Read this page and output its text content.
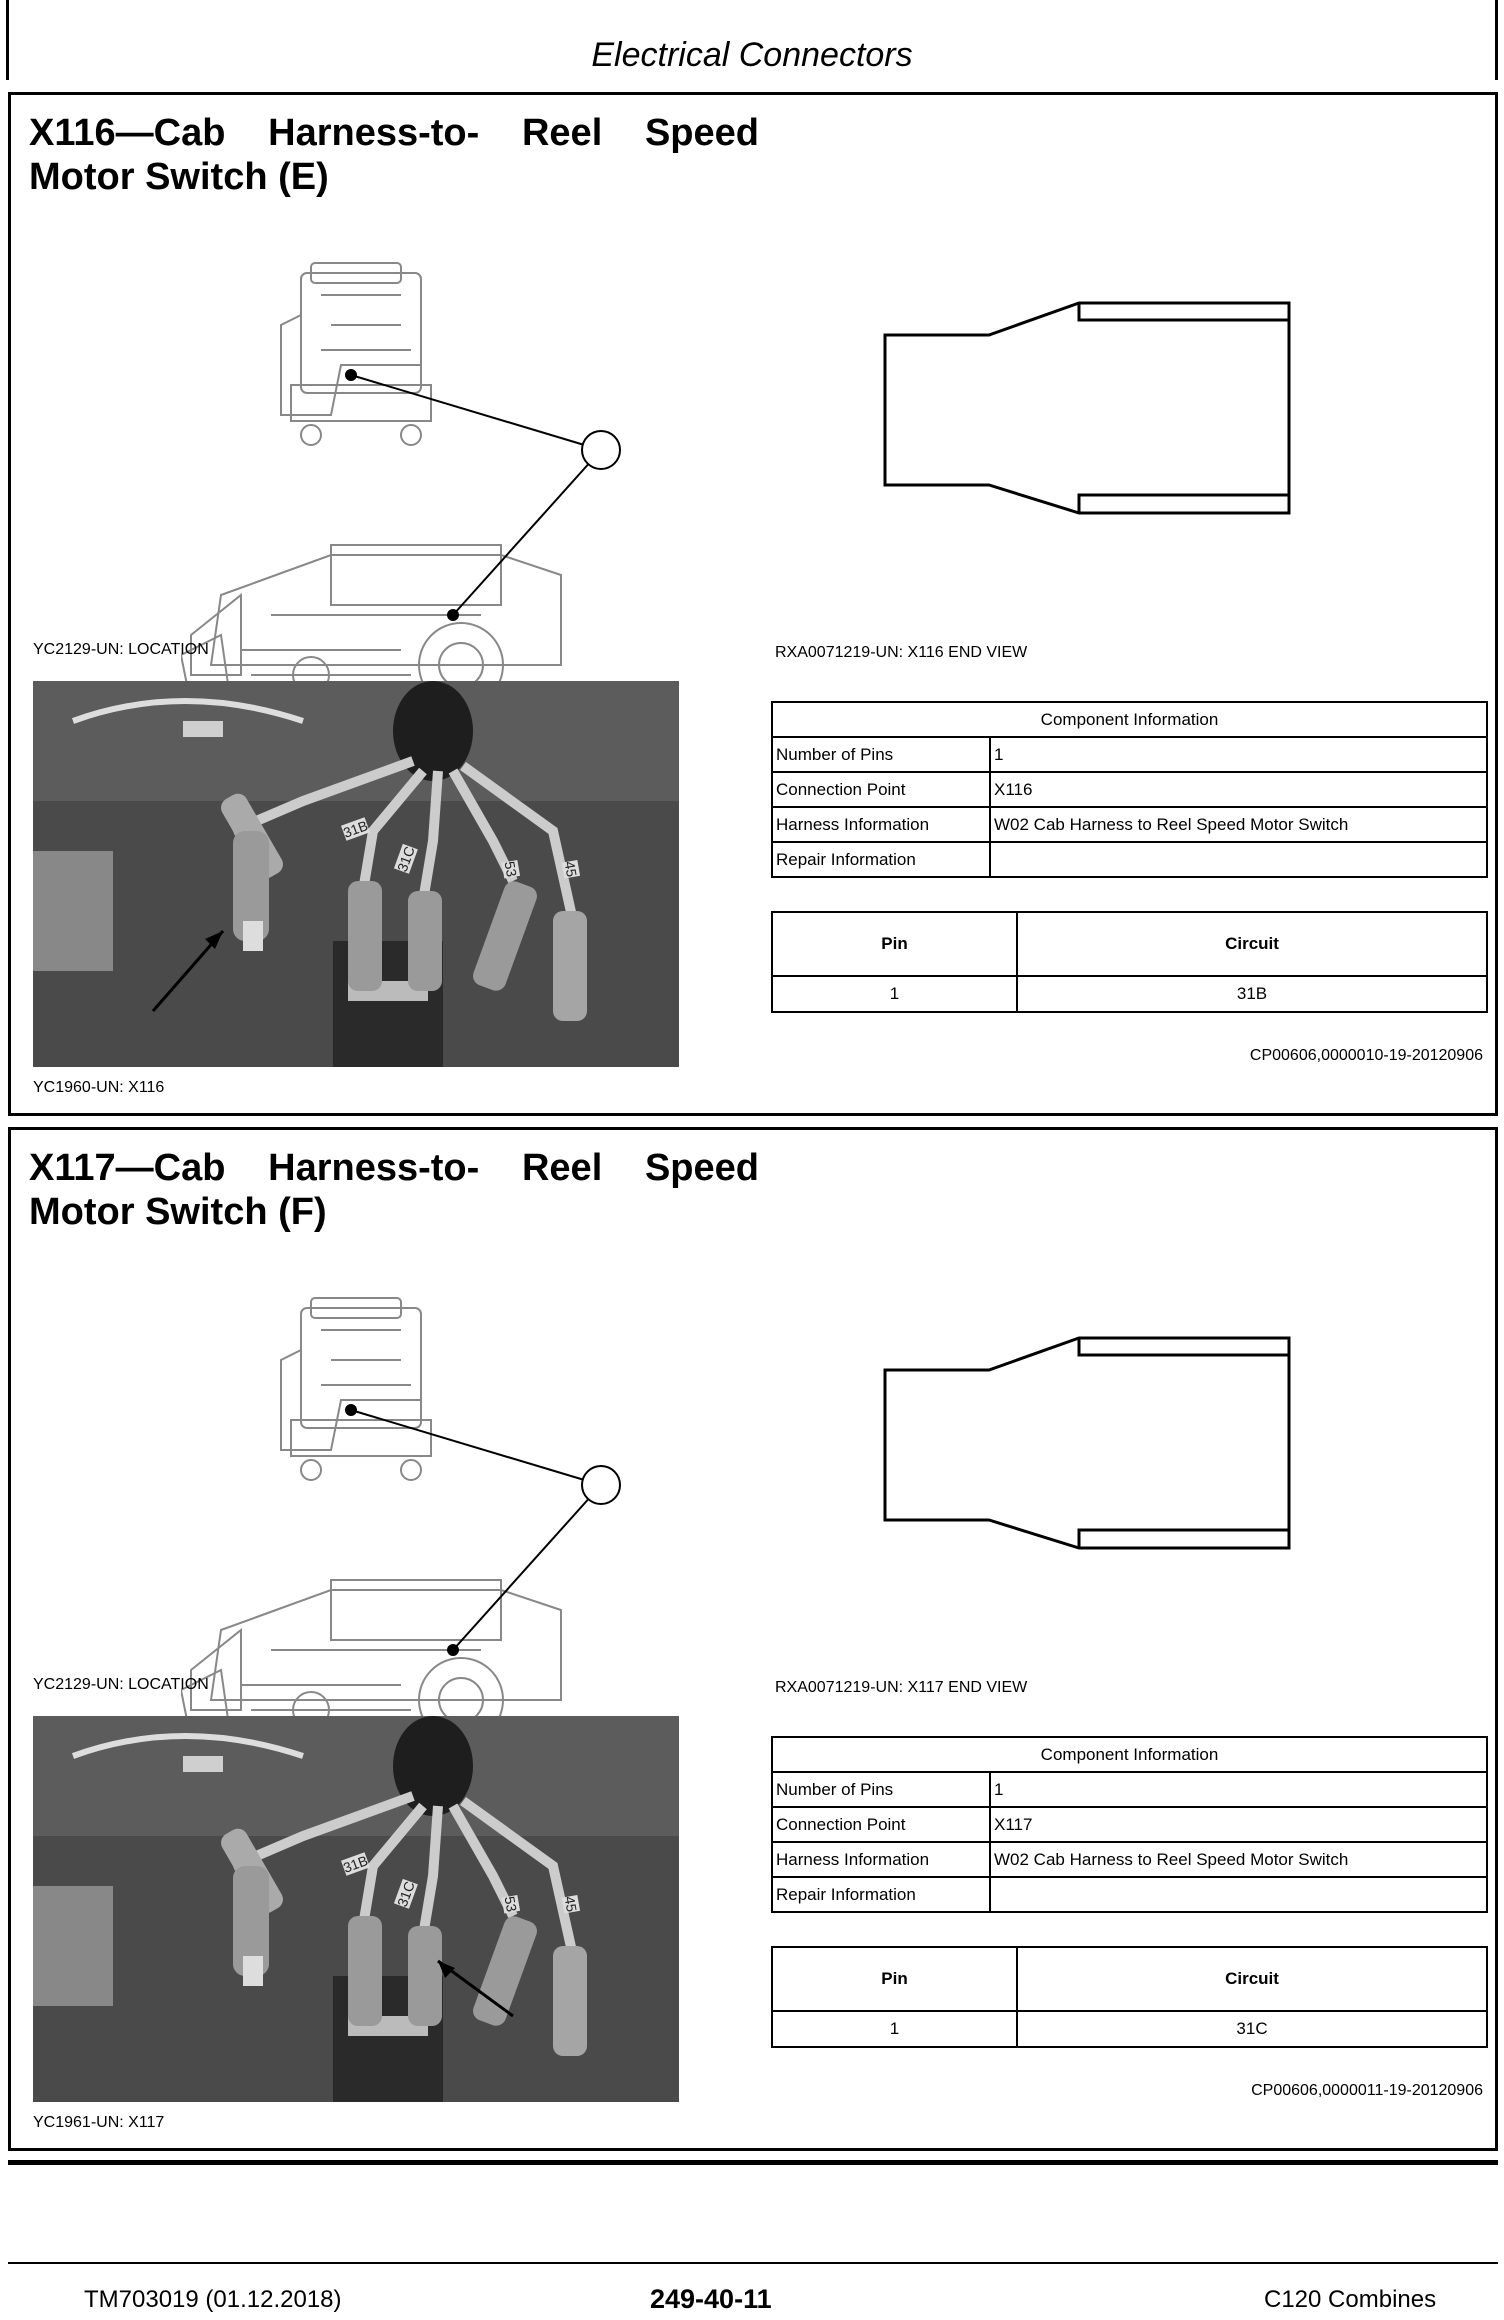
Electrical Connectors
X116—Cab Harness-to- Reel Speed
Motor Switch (E)
YC2129-UN: LOCATION	RXA0071219-UN: X116 END VIEW
31B
31C	53	45
YC1960-UN: X116
Component Information	
Number of Pins	1
Connection Point	X116
Harness Information	W02 Cab Harness to Reel Speed Motor Switch
Repair Information	
Pin	Circuit
1	31B
CP00606,0000010-19-20120906
X117—Cab Harness-to- Reel Speed
Motor Switch (F)
YC2129-UN: LOCATION	RXA0071219-UN: X117 END VIEW
31B
31C	53	45
YC1961-UN: X117
Component Information	
Number of Pins	1
Connection Point	X117
Harness Information	W02 Cab Harness to Reel Speed Motor Switch
Repair Information	
Pin	Circuit
1	31C
CP00606,0000011-19-20120906
TM703019 (01.12.2018)	249-40-11	C120 Combines
